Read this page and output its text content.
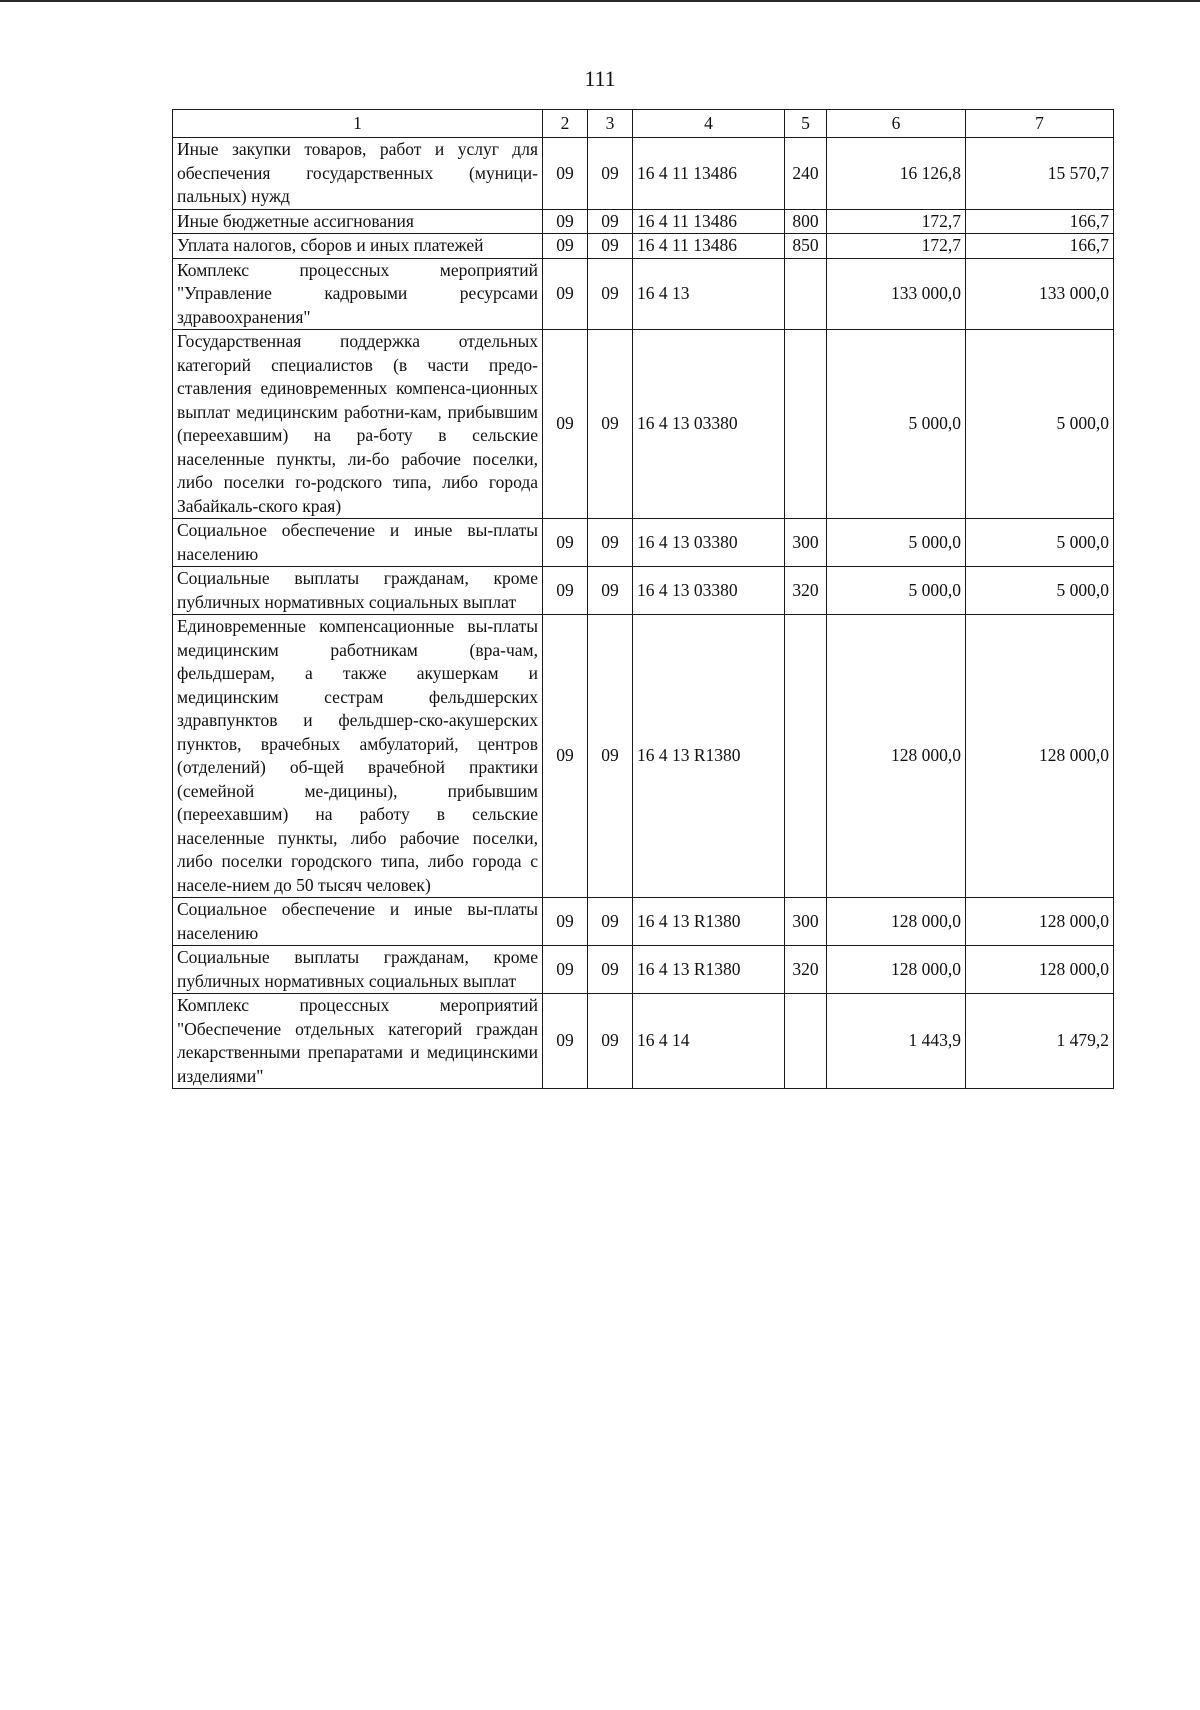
111
1	2	3	4	5	6	7
Иные закупки товаров, работ и услуг для обеспечения государственных (муници-пальных) нужд	09	09	16 4 11 13486	240	16 126,8	15 570,7
Иные бюджетные ассигнования	09	09	16 4 11 13486	800	172,7	166,7
Уплата налогов, сборов и иных платежей	09	09	16 4 11 13486	850	172,7	166,7
Комплекс процессных мероприятий "Управление кадровыми ресурсами здравоохранения"	09	09	16 4 13		133 000,0	133 000,0
Государственная поддержка отдельных категорий специалистов (в части предо-ставления единовременных компенса-ционных выплат медицинским работни-кам, прибывшим (переехавшим) на ра-боту в сельские населенные пункты, ли-бо рабочие поселки, либо поселки го-родского типа, либо города Забайкаль-ского края)	09	09	16 4 13 03380		5 000,0	5 000,0
Социальное обеспечение и иные вы-платы населению	09	09	16 4 13 03380	300	5 000,0	5 000,0
Социальные выплаты гражданам, кроме публичных нормативных социальных выплат	09	09	16 4 13 03380	320	5 000,0	5 000,0
Единовременные компенсационные вы-платы медицинским работникам (вра-чам, фельдшерам, а также акушеркам и медицинским сестрам фельдшерских здравпунктов и фельдшер-ско-акушерских пунктов, врачебных амбулаторий, центров (отделений) об-щей врачебной практики (семейной ме-дицины), прибывшим (переехавшим) на работу в сельские населенные пункты, либо рабочие поселки, либо поселки городского типа, либо города с населе-нием до 50 тысяч человек)	09	09	16 4 13 R1380		128 000,0	128 000,0
Социальное обеспечение и иные вы-платы населению	09	09	16 4 13 R1380	300	128 000,0	128 000,0
Социальные выплаты гражданам, кроме публичных нормативных социальных выплат	09	09	16 4 13 R1380	320	128 000,0	128 000,0
Комплекс процессных мероприятий "Обеспечение отдельных категорий граждан лекарственными препаратами и медицинскими изделиями"	09	09	16 4 14		1 443,9	1 479,2
